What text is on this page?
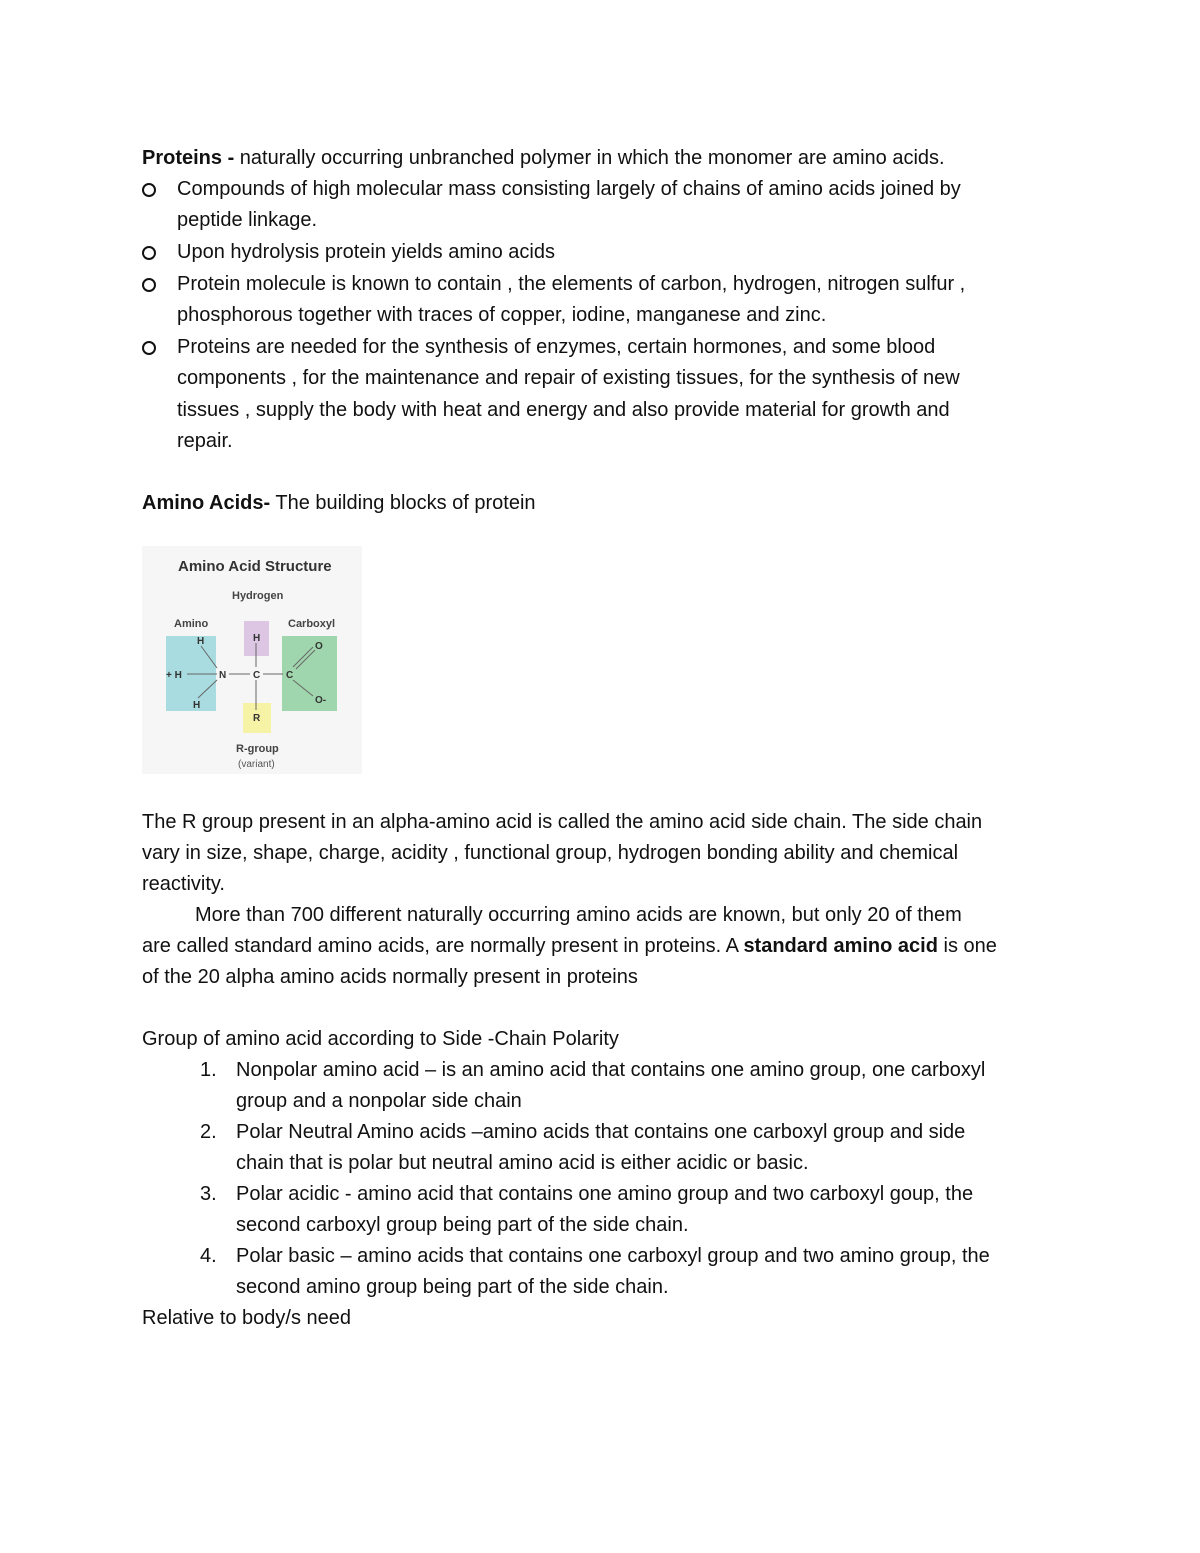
Proteins - naturally occurring unbranched polymer in which the monomer are amino acids.
Compounds of high molecular mass consisting largely of chains of amino acids joined by
peptide linkage.
Upon hydrolysis protein yields amino acids
Protein molecule is known to contain , the elements of carbon, hydrogen, nitrogen sulfur ,
phosphorous together with traces of copper, iodine, manganese and zinc.
Proteins are needed for the synthesis of enzymes, certain hormones, and some blood
components , for the maintenance and repair of existing tissues, for the synthesis of new
tissues , supply the body with heat and energy and also provide material for growth and
repair.
Amino Acids- The building blocks of protein
Amino Acid Structure
Hydrogen
Amino	Carboxyl
H
+ H
H
N
H
C	C
O
O-
R
R-group
(variant)
The R group present in an alpha-amino acid is called the amino acid side chain. The side chain
vary in size, shape, charge, acidity , functional group, hydrogen bonding ability and chemical
reactivity.
More than 700 different naturally occurring amino acids are known, but only 20 of them
are called standard amino acids, are normally present in proteins. A standard amino acid is one
of the 20 alpha amino acids normally present in proteins
Group of amino acid according to Side -Chain Polarity
1. Nonpolar amino acid – is an amino acid that contains one amino group, one carboxyl
group and a nonpolar side chain
2. Polar Neutral Amino acids –amino acids that contains one carboxyl group and side
chain that is polar but neutral amino acid is either acidic or basic.
3. Polar acidic - amino acid that contains one amino group and two carboxyl goup, the
second carboxyl group being part of the side chain.
4. Polar basic – amino acids that contains one carboxyl group and two amino group, the
second amino group being part of the side chain.
Relative to body/s need
